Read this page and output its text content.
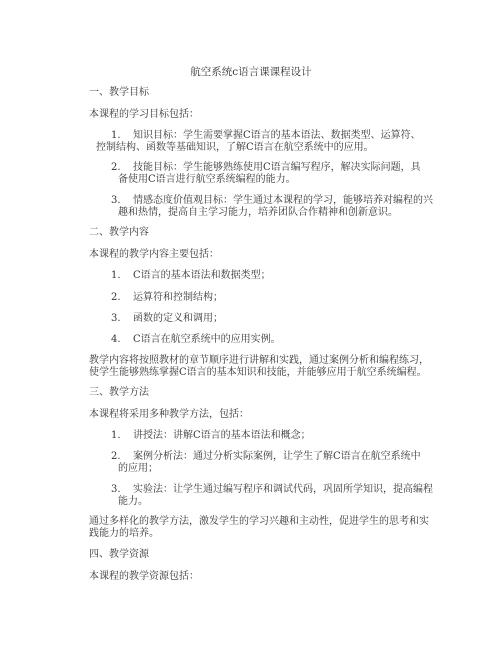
航空系统c语言课课程设计
一、教学目标
本课程的学习目标包括：
1. 知识目标：学生需要掌握C语言的基本语法、数据类型、运算符、
控制结构、函数等基础知识，了解C语言在航空系统中的应用。
2. 技能目标：学生能够熟练使用C语言编写程序，解决实际问题，具
备使用C语言进行航空系统编程的能力。
3. 情感态度价值观目标：学生通过本课程的学习，能够培养对编程的兴
趣和热情，提高自主学习能力，培养团队合作精神和创新意识。
二、教学内容
本课程的教学内容主要包括：
1. C语言的基本语法和数据类型；
2. 运算符和控制结构；
3. 函数的定义和调用；
4. C语言在航空系统中的应用实例。
教学内容将按照教材的章节顺序进行讲解和实践，通过案例分析和编程练习，
使学生能够熟练掌握C语言的基本知识和技能，并能够应用于航空系统编程。
三、教学方法
本课程将采用多种教学方法，包括：
1. 讲授法：讲解C语言的基本语法和概念；
2. 案例分析法：通过分析实际案例，让学生了解C语言在航空系统中
的应用；
3. 实验法：让学生通过编写程序和调试代码，巩固所学知识，提高编程
能力。
通过多样化的教学方法，激发学生的学习兴趣和主动性，促进学生的思考和实
践能力的培养。
四、教学资源
本课程的教学资源包括：
